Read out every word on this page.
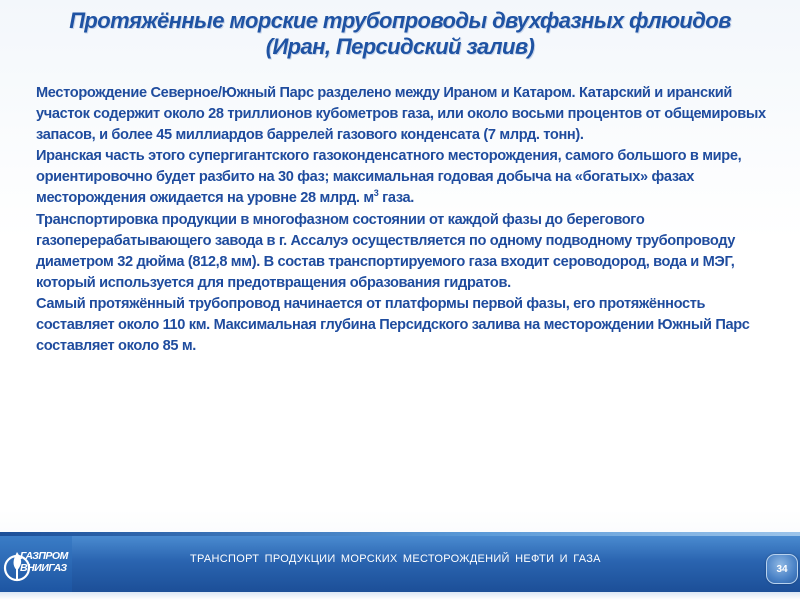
Протяжённые морские трубопроводы двухфазных флюидов
(Иран, Персидский залив)

Месторождение Северное/Южный Парс разделено между Ираном и Катаром. Катарский и иранский участок содержит около 28 триллионов кубометров газа, или около восьми процентов от общемировых запасов, и более 45 миллиардов баррелей газового конденсата (7 млрд. тонн).

Иранская часть этого супергигантского газоконденсатного месторождения, самого большого в мире, ориентировочно будет разбито на 30 фаз; максимальная годовая добыча на «богатых» фазах месторождения ожидается на уровне 28 млрд. $м^3$ газа.

Транспортировка продукции в многофазном состоянии от каждой фазы до берегового газоперерабатывающего завода в г. Ассалуэ осуществляется по одному подводному трубопроводу диаметром 32 дюйма (812,8 мм). В состав транспортируемого газа входит сероводород, вода и МЭГ, который используется для предотвращения образования гидратов.

Самый протяжённый трубопровод начинается от платформы первой фазы, его протяжённость составляет около 110 км. Максимальная глубина Персидского залива на месторождении Южный Парс составляет около 85 м.

ГАЗПРОМ
ВНИИГАЗ
ТРАНСПОРТ ПРОДУКЦИИ МОРСКИХ МЕСТОРОЖДЕНИЙ НЕФТИ И ГАЗА
34
